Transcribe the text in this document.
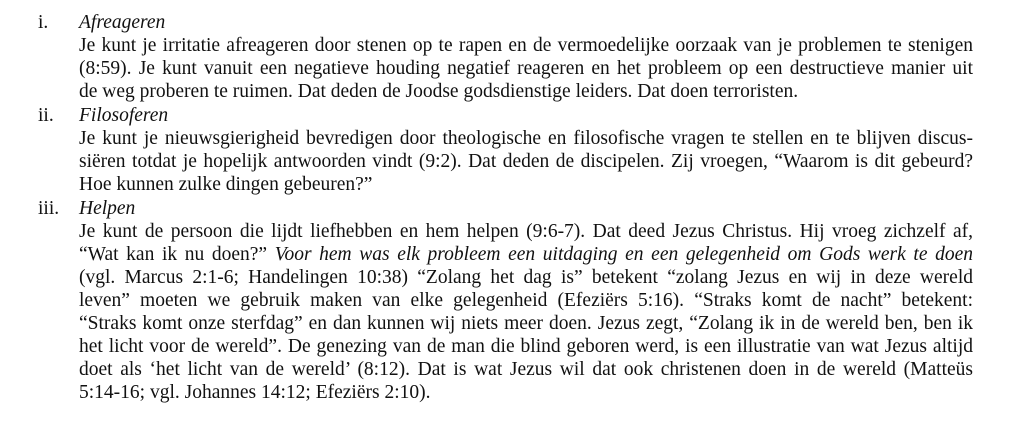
i. Afreageren
Je kunt je irritatie afreageren door stenen op te rapen en de vermoedelijke oorzaak van je problemen te stenigen
(8:59). Je kunt vanuit een negatieve houding negatief reageren en het probleem op een destructieve manier uit
de weg proberen te ruimen. Dat deden de Joodse godsdienstige leiders. Dat doen terroristen.
ii. Filosoferen
Je kunt je nieuwsgierigheid bevredigen door theologische en filosofische vragen te stellen en te blijven discus-
siëren totdat je hopelijk antwoorden vindt (9:2). Dat deden de discipelen. Zij vroegen, “Waarom is dit gebeurd?
Hoe kunnen zulke dingen gebeuren?”
iii. Helpen
Je kunt de persoon die lijdt liefhebben en hem helpen (9:6-7). Dat deed Jezus Christus. Hij vroeg zichzelf af,
“Wat kan ik nu doen?” Voor hem was elk probleem een uitdaging en een gelegenheid om Gods werk te doen
(vgl. Marcus 2:1-6; Handelingen 10:38) “Zolang het dag is” betekent “zolang Jezus en wij in deze wereld
leven” moeten we gebruik maken van elke gelegenheid (Efeziërs 5:16). “Straks komt de nacht” betekent:
“Straks komt onze sterfdag” en dan kunnen wij niets meer doen. Jezus zegt, “Zolang ik in de wereld ben, ben ik
het licht voor de wereld”. De genezing van de man die blind geboren werd, is een illustratie van wat Jezus altijd
doet als ‘het licht van de wereld’ (8:12). Dat is wat Jezus wil dat ook christenen doen in de wereld (Matteüs
5:14-16; vgl. Johannes 14:12; Efeziërs 2:10).
